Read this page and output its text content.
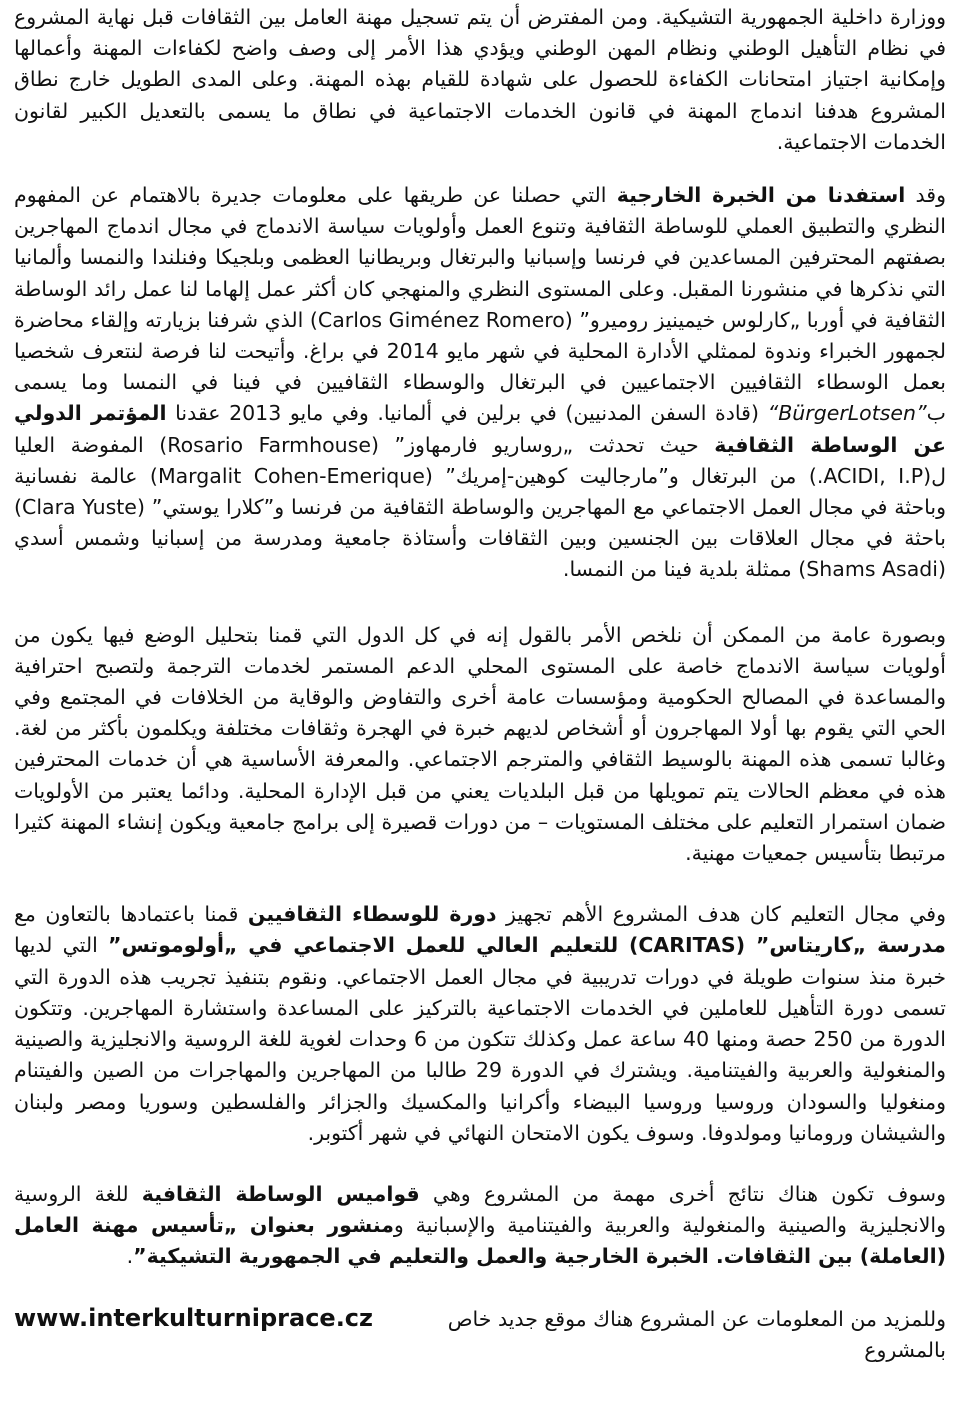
ووزارة داخلية الجمهورية التشيكية. ومن المفترض أن يتم تسجيل مهنة العامل بين الثقافات قبل نهاية المشروع في نظام التأهيل الوطني ونظام المهن الوطني ويؤدي هذا الأمر إلى وصف واضح لكفاءات المهنة وأعمالها وإمكانية اجتياز امتحانات الكفاءة للحصول على شهادة للقيام بهذه المهنة. وعلى المدى الطويل خارج نطاق المشروع هدفنا اندماج المهنة في قانون الخدمات الاجتماعية في نطاق ما يسمى بالتعديل الكبير لقانون الخدمات الاجتماعية.

وقد استفدنا من الخبرة الخارجية التي حصلنا عن طريقها على معلومات جديرة بالاهتمام عن المفهوم النظري والتطبيق العملي للوساطة الثقافية وتنوع العمل وأولويات سياسة الاندماج في مجال اندماج المهاجرين بصفتهم المحترفين المساعدين في فرنسا وإسبانيا والبرتغال وبريطانيا العظمى وبلجيكا وفنلندا والنمسا وألمانيا التي نذكرها في منشورنا المقبل. وعلى المستوى النظري والمنهجي كان أكثر عمل إلهاما لنا عمل رائد الوساطة الثقافية في أوربا „كارلوس خيمينيز روميرو” (Carlos Giménez Romero) الذي شرفنا بزيارته وإلقاء محاضرة لجمهور الخبراء وندوة لممثلي الأدارة المحلية في شهر مايو 2014 في براغ. وأتيحت لنا فرصة لنتعرف شخصيا بعمل الوسطاء الثقافيين الاجتماعيين في البرتغال والوسطاء الثقافيين في فينا في النمسا وما يسمى ب“BürgerLotsen” (قادة السفن المدنيين) في برلين في ألمانيا. وفي مايو 2013 عقدنا المؤتمر الدولي عن الوساطة الثقافية حيث تحدثت „روساريو فارمهاوز” (Rosario Farmhouse) المفوضة العليا ل(ACIDI, I.P.) من البرتغال و”مارجاليت كوهين-إمريك” (Margalit Cohen-Emerique) عالمة نفسانية وباحثة في مجال العمل الاجتماعي مع المهاجرين والوساطة الثقافية من فرنسا و”كلارا يوستي” (Clara Yuste) باحثة في مجال العلاقات بين الجنسين وبين الثقافات وأستاذة جامعية ومدرسة من إسبانيا وشمس أسدي (Shams Asadi) ممثلة بلدية فينا من النمسا.

وبصورة عامة من الممكن أن نلخص الأمر بالقول إنه في كل الدول التي قمنا بتحليل الوضع فيها يكون من أولويات سياسة الاندماج خاصة على المستوى المحلي الدعم المستمر لخدمات الترجمة ولتصبح احترافية والمساعدة في المصالح الحكومية ومؤسسات عامة أخرى والتفاوض والوقاية من الخلافات في المجتمع وفي الحي التي يقوم بها أولا المهاجرون أو أشخاص لديهم خبرة في الهجرة وثقافات مختلفة ويكلمون بأكثر من لغة. وغالبا تسمى هذه المهنة بالوسيط الثقافي والمترجم الاجتماعي. والمعرفة الأساسية هي أن خدمات المحترفين هذه في معظم الحالات يتم تمويلها من قبل البلديات يعني من قبل الإدارة المحلية. ودائما يعتبر من الأولويات ضمان استمرار التعليم على مختلف المستويات – من دورات قصيرة إلى برامج جامعية ويكون إنشاء المهنة كثيرا مرتبطا بتأسيس جمعيات مهنية.

وفي مجال التعليم كان هدف المشروع الأهم تجهيز دورة للوسطاء الثقافيين قمنا باعتمادها بالتعاون مع مدرسة „كاريتاس” (CARITAS) للتعليم العالي للعمل الاجتماعي في „أولوموتس” التي لديها خبرة منذ سنوات طويلة في دورات تدريبية في مجال العمل الاجتماعي. ونقوم بتنفيذ تجريب هذه الدورة التي تسمى دورة التأهيل للعاملين في الخدمات الاجتماعية بالتركيز على المساعدة واستشارة المهاجرين. وتتكون الدورة من 250 حصة ومنها 40 ساعة عمل وكذلك تتكون من 6 وحدات لغوية للغة الروسية والانجليزية والصينية والمنغولية والعربية والفيتنامية. ويشترك في الدورة 29 طالبا من المهاجرين والمهاجرات من الصين والفيتنام ومنغوليا والسودان وروسيا وروسيا البيضاء وأكرانيا والمكسيك والجزائر والفلسطين وسوريا ومصر ولبنان والشيشان ورومانيا ومولدوفا. وسوف يكون الامتحان النهائي في شهر أكتوبر.

وسوف تكون هناك نتائج أخرى مهمة من المشروع وهي قواميس الوساطة الثقافية للغة الروسية والانجليزية والصينية والمنغولية والعربية والفيتنامية والإسبانية ومنشور بعنوان „تأسيس مهنة العامل (العاملة) بين الثقافات. الخبرة الخارجية والعمل والتعليم في الجمهورية التشيكية”.

وللمزيد من المعلومات عن المشروع هناك موقع جديد خاص بالمشروع
www.interkulturniprace.cz
